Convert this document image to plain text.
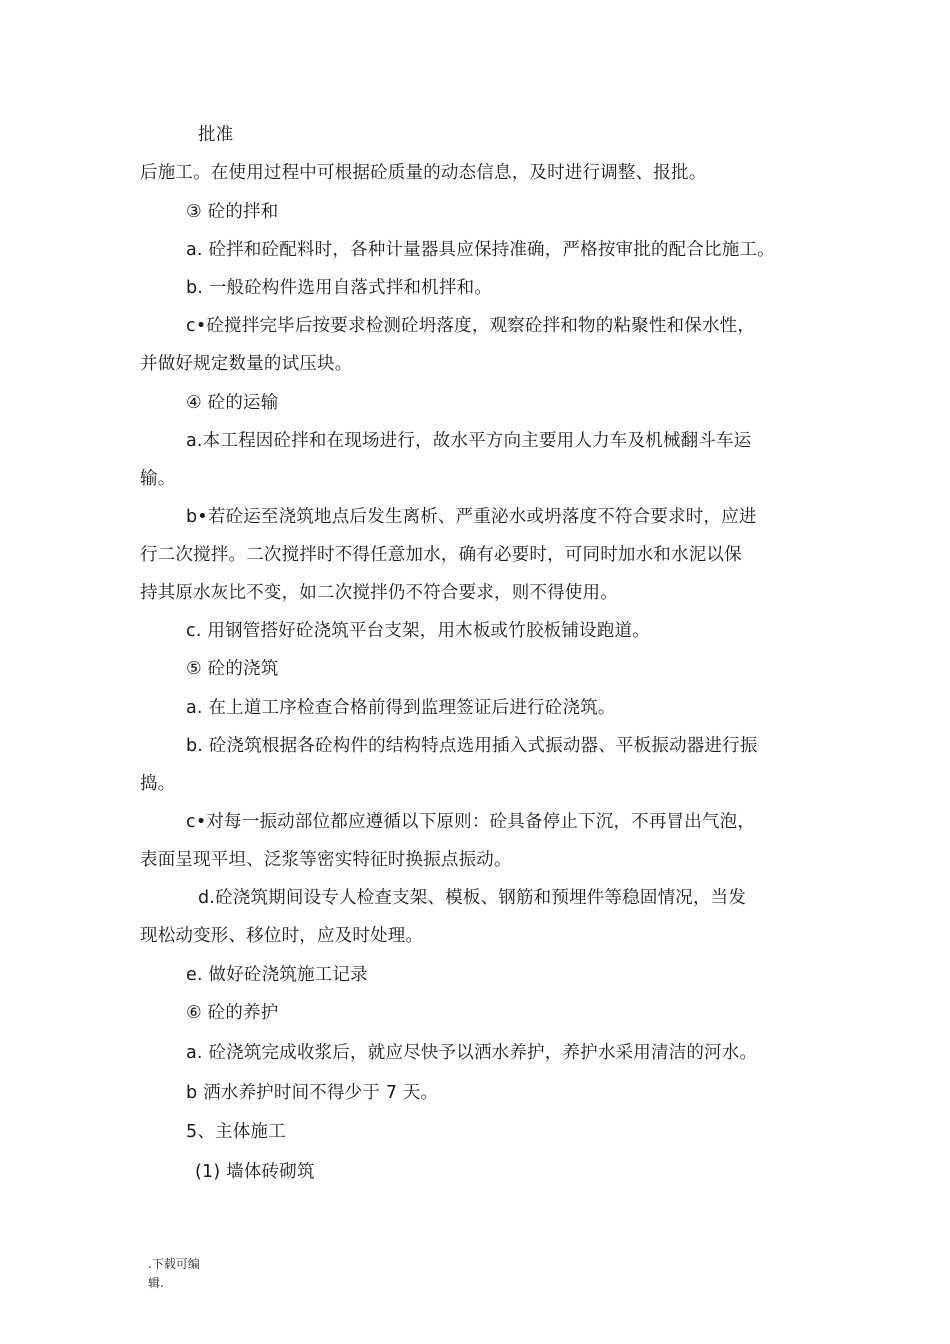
批准
后施工。在使用过程中可根据砼质量的动态信息，及时进行调整、报批。
③ 砼的拌和
a. 砼拌和砼配料时，各种计量器具应保持准确，严格按审批的配合比施工。
b. 一般砼构件选用自落式拌和机拌和。
c•砼搅拌完毕后按要求检测砼坍落度，观察砼拌和物的粘聚性和保水性，
并做好规定数量的试压块。
④ 砼的运输
a.本工程因砼拌和在现场进行，故水平方向主要用人力车及机械翻斗车运
输。
b•若砼运至浇筑地点后发生离析、严重泌水或坍落度不符合要求时，应进
行二次搅拌。二次搅拌时不得任意加水，确有必要时，可同时加水和水泥以保
持其原水灰比不变，如二次搅拌仍不符合要求，则不得使用。
c. 用钢管搭好砼浇筑平台支架，用木板或竹胶板铺设跑道。
⑤ 砼的浇筑
a. 在上道工序检查合格前得到监理签证后进行砼浇筑。
b. 砼浇筑根据各砼构件的结构特点选用插入式振动器、平板振动器进行振
捣。
c•对每一振动部位都应遵循以下原则：砼具备停止下沉，不再冒出气泡，
表面呈现平坦、泛浆等密实特征时换振点振动。
d.砼浇筑期间设专人检查支架、模板、钢筋和预埋件等稳固情况，当发
现松动变形、移位时，应及时处理。
e. 做好砼浇筑施工记录
⑥ 砼的养护
a. 砼浇筑完成收浆后，就应尽快予以洒水养护，养护水采用清洁的河水。
b 洒水养护时间不得少于 7 天。
5、主体施工
(1) 墙体砖砌筑
.下载可编
辑.
